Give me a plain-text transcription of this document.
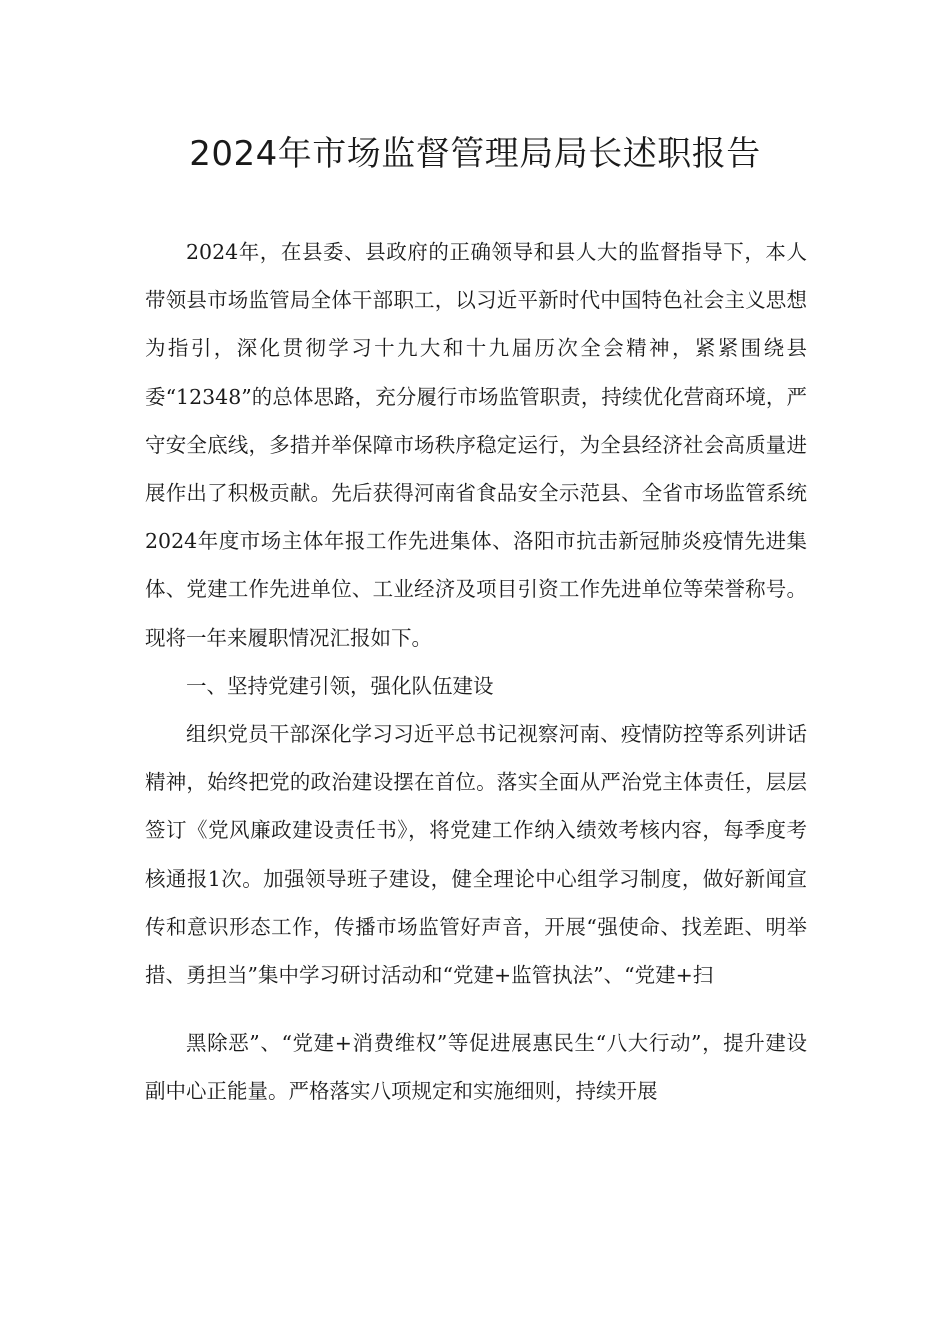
2024年市场监督管理局局长述职报告

2024年，在县委、县政府的正确领导和县人大的监督指导下，本人带领县市场监管局全体干部职工，以习近平新时代中国特色社会主义思想为指引，深化贯彻学习十九大和十九届历次全会精神，紧紧围绕县委“12348”的总体思路，充分履行市场监管职责，持续优化营商环境，严守安全底线，多措并举保障市场秩序稳定运行，为全县经济社会高质量进展作出了积极贡献。先后获得河南省食品安全示范县、全省市场监管系统2024年度市场主体年报工作先进集体、洛阳市抗击新冠肺炎疫情先进集体、党建工作先进单位、工业经济及项目引资工作先进单位等荣誉称号。现将一年来履职情况汇报如下。

一、坚持党建引领，强化队伍建设

组织党员干部深化学习习近平总书记视察河南、疫情防控等系列讲话精神，始终把党的政治建设摆在首位。落实全面从严治党主体责任，层层签订《党风廉政建设责任书》，将党建工作纳入绩效考核内容，每季度考核通报1次。加强领导班子建设，健全理论中心组学习制度，做好新闻宣传和意识形态工作，传播市场监管好声音，开展“强使命、找差距、明举措、勇担当”集中学习研讨活动和“党建+监管执法”、“党建+扫

黑除恶”、“党建+消费维权”等促进展惠民生“八大行动”，提升建设副中心正能量。严格落实八项规定和实施细则，持续开展
